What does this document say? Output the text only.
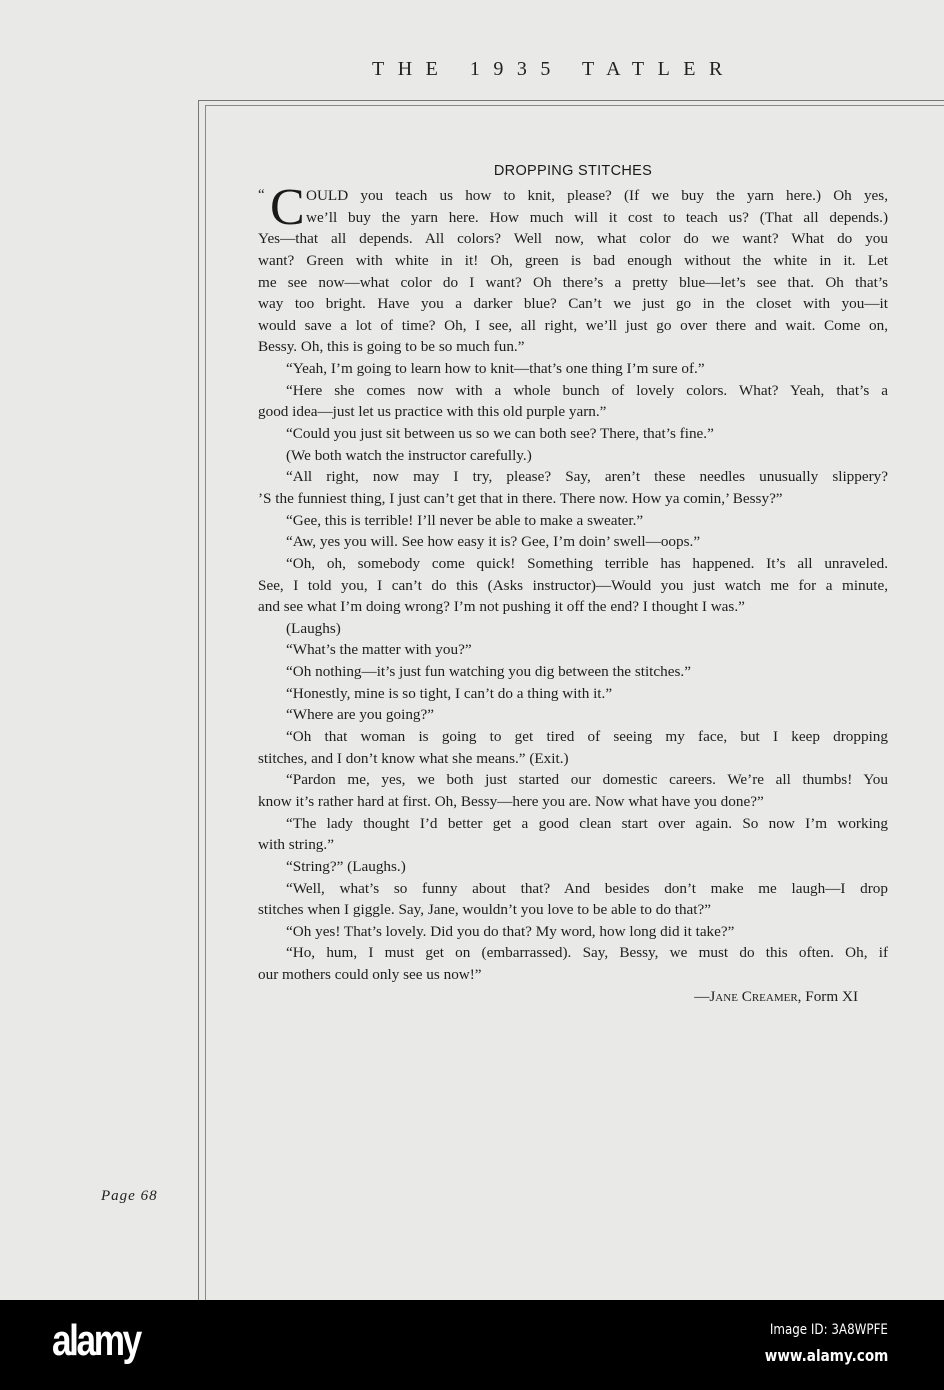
THE 1935 TATLER
DROPPING STITCHES
“ C OULD you teach us how to knit, please? (If we buy the yarn here.) Oh yes,
we’ll buy the yarn here. How much will it cost to teach us? (That all depends.)
Yes—that all depends. All colors? Well now, what color do we want? What do you
want? Green with white in it! Oh, green is bad enough without the white in it. Let
me see now—what color do I want? Oh there’s a pretty blue—let’s see that. Oh that’s
way too bright. Have you a darker blue? Can’t we just go in the closet with you—it
would save a lot of time? Oh, I see, all right, we’ll just go over there and wait. Come on,
Bessy. Oh, this is going to be so much fun.”
“Yeah, I’m going to learn how to knit—that’s one thing I’m sure of.”
“Here she comes now with a whole bunch of lovely colors. What? Yeah, that’s a
good idea—just let us practice with this old purple yarn.”
“Could you just sit between us so we can both see? There, that’s fine.”
(We both watch the instructor carefully.)
“All right, now may I try, please? Say, aren’t these needles unusually slippery?
’S the funniest thing, I just can’t get that in there. There now. How ya comin,’ Bessy?”
“Gee, this is terrible! I’ll never be able to make a sweater.”
“Aw, yes you will. See how easy it is? Gee, I’m doin’ swell—oops.”
“Oh, oh, somebody come quick! Something terrible has happened. It’s all unraveled.
See, I told you, I can’t do this (Asks instructor)—Would you just watch me for a minute,
and see what I’m doing wrong? I’m not pushing it off the end? I thought I was.”
(Laughs)
“What’s the matter with you?”
“Oh nothing—it’s just fun watching you dig between the stitches.”
“Honestly, mine is so tight, I can’t do a thing with it.”
“Where are you going?”
“Oh that woman is going to get tired of seeing my face, but I keep dropping
stitches, and I don’t know what she means.” (Exit.)
“Pardon me, yes, we both just started our domestic careers. We’re all thumbs! You
know it’s rather hard at first. Oh, Bessy—here you are. Now what have you done?”
“The lady thought I’d better get a good clean start over again. So now I’m working
with string.”
“String?” (Laughs.)
“Well, what’s so funny about that? And besides don’t make me laugh—I drop
stitches when I giggle. Say, Jane, wouldn’t you love to be able to do that?”
“Oh yes! That’s lovely. Did you do that? My word, how long did it take?”
“Ho, hum, I must get on (embarrassed). Say, Bessy, we must do this often. Oh, if
our mothers could only see us now!”
—Jane Creamer, Form XI
Page 68
alamy	Image ID: 3A8WPFE
www.alamy.com
